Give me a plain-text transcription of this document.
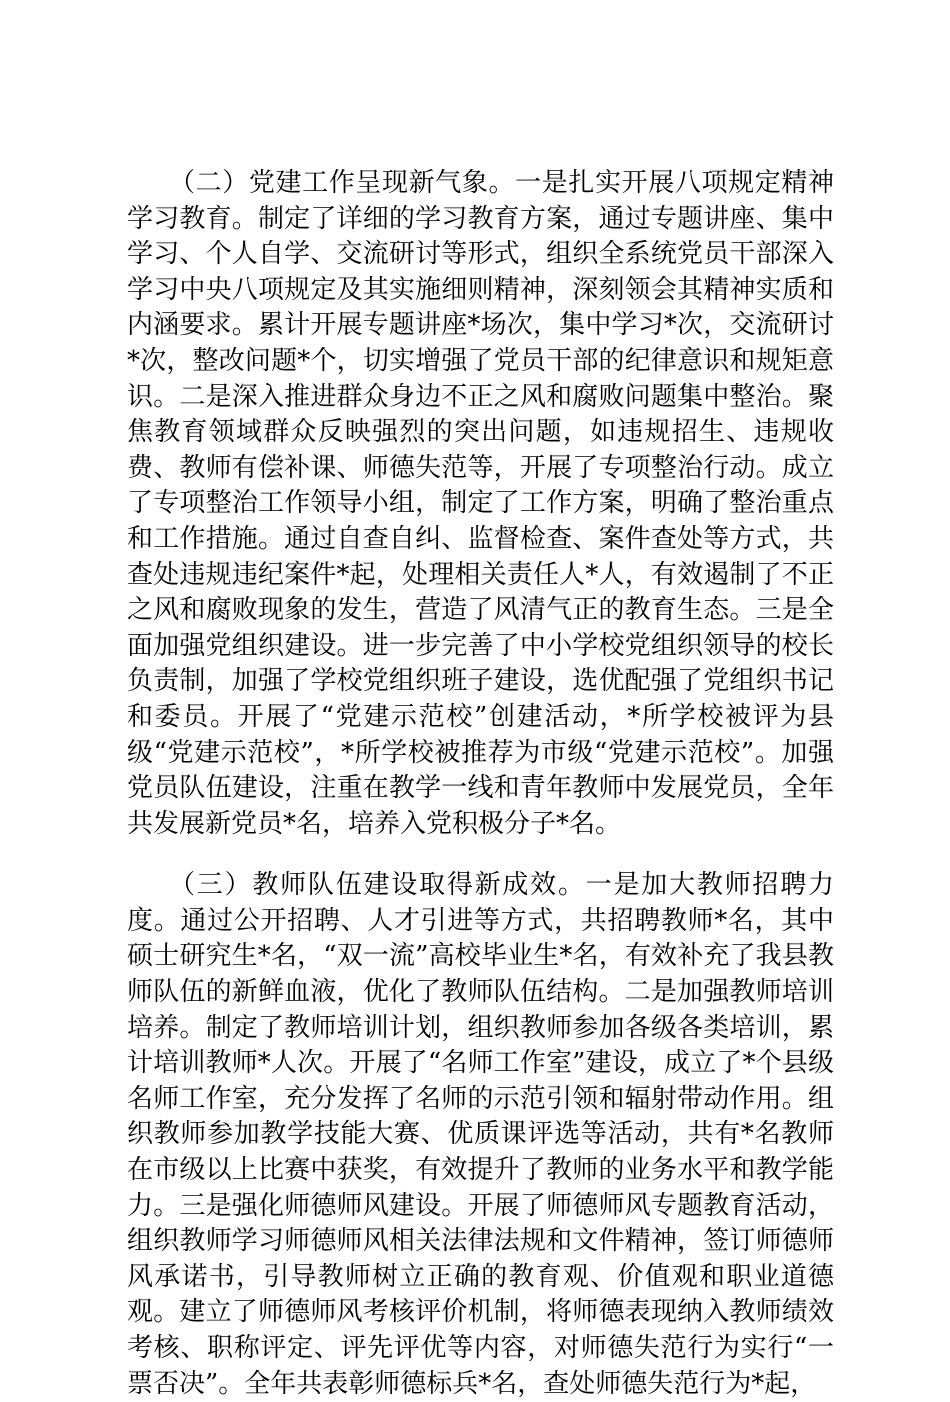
（二）党建工作呈现新气象。一是扎实开展八项规定精神学习教育。制定了详细的学习教育方案，通过专题讲座、集中学习、个人自学、交流研讨等形式，组织全系统党员干部深入学习中央八项规定及其实施细则精神，深刻领会其精神实质和内涵要求。累计开展专题讲座*场次，集中学习*次，交流研讨*次，整改问题*个，切实增强了党员干部的纪律意识和规矩意识。二是深入推进群众身边不正之风和腐败问题集中整治。聚焦教育领域群众反映强烈的突出问题，如违规招生、违规收费、教师有偿补课、师德失范等，开展了专项整治行动。成立了专项整治工作领导小组，制定了工作方案，明确了整治重点和工作措施。通过自查自纠、监督检查、案件查处等方式，共查处违规违纪案件*起，处理相关责任人*人，有效遏制了不正之风和腐败现象的发生，营造了风清气正的教育生态。三是全面加强党组织建设。进一步完善了中小学校党组织领导的校长负责制，加强了学校党组织班子建设，选优配强了党组织书记和委员。开展了“党建示范校”创建活动，*所学校被评为县级“党建示范校”，*所学校被推荐为市级“党建示范校”。加强党员队伍建设，注重在教学一线和青年教师中发展党员，全年共发展新党员*名，培养入党积极分子*名。

（三）教师队伍建设取得新成效。一是加大教师招聘力度。通过公开招聘、人才引进等方式，共招聘教师*名，其中硕士研究生*名，“双一流”高校毕业生*名，有效补充了我县教师队伍的新鲜血液，优化了教师队伍结构。二是加强教师培训培养。制定了教师培训计划，组织教师参加各级各类培训，累计培训教师*人次。开展了“名师工作室”建设，成立了*个县级名师工作室，充分发挥了名师的示范引领和辐射带动作用。组织教师参加教学技能大赛、优质课评选等活动，共有*名教师在市级以上比赛中获奖，有效提升了教师的业务水平和教学能力。三是强化师德师风建设。开展了师德师风专题教育活动，组织教师学习师德师风相关法律法规和文件精神，签订师德师风承诺书，引导教师树立正确的教育观、价值观和职业道德观。建立了师德师风考核评价机制，将师德表现纳入教师绩效考核、职称评定、评先评优等内容，对师德失范行为实行“一票否决”。全年共表彰师德标兵*名，查处师德失范行为*起，
